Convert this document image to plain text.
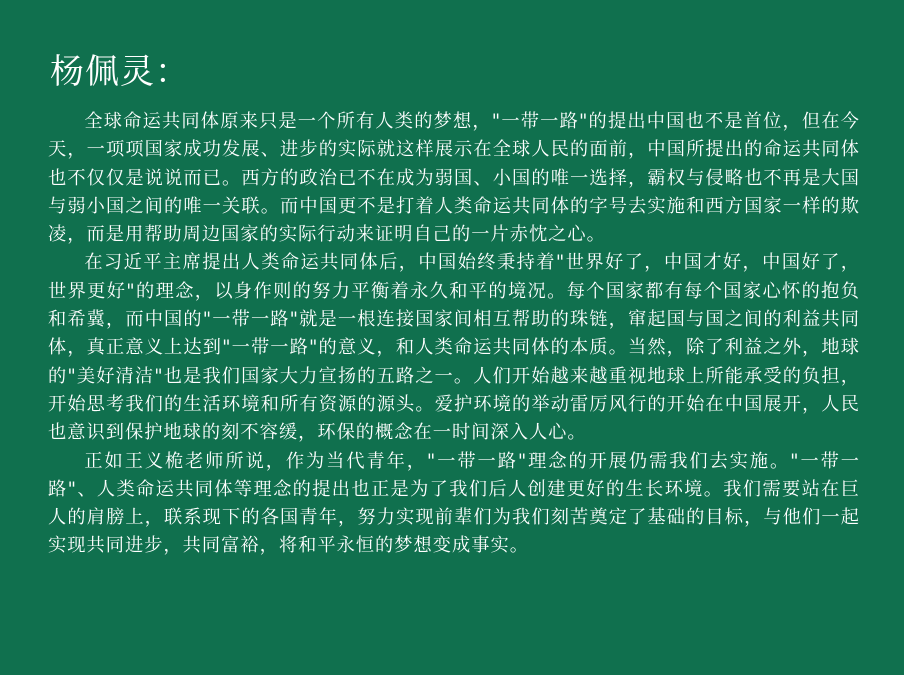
杨佩灵：

全球命运共同体原来只是一个所有人类的梦想，"一带一路"的提出中国也不是首位，但在今天，一项项国家成功发展、进步的实际就这样展示在全球人民的面前，中国所提出的命运共同体也不仅仅是说说而已。西方的政治已不在成为弱国、小国的唯一选择，霸权与侵略也不再是大国与弱小国之间的唯一关联。而中国更不是打着人类命运共同体的字号去实施和西方国家一样的欺凌，而是用帮助周边国家的实际行动来证明自己的一片赤忱之心。

在习近平主席提出人类命运共同体后，中国始终秉持着"世界好了，中国才好，中国好了，世界更好"的理念，以身作则的努力平衡着永久和平的境况。每个国家都有每个国家心怀的抱负和希冀，而中国的"一带一路"就是一根连接国家间相互帮助的珠链，窜起国与国之间的利益共同体，真正意义上达到"一带一路"的意义，和人类命运共同体的本质。当然，除了利益之外，地球的"美好清洁"也是我们国家大力宣扬的五路之一。人们开始越来越重视地球上所能承受的负担，开始思考我们的生活环境和所有资源的源头。爱护环境的举动雷厉风行的开始在中国展开，人民也意识到保护地球的刻不容缓，环保的概念在一时间深入人心。

正如王义桅老师所说，作为当代青年，"一带一路"理念的开展仍需我们去实施。"一带一路"、人类命运共同体等理念的提出也正是为了我们后人创建更好的生长环境。我们需要站在巨人的肩膀上，联系现下的各国青年，努力实现前辈们为我们刻苦奠定了基础的目标，与他们一起实现共同进步，共同富裕，将和平永恒的梦想变成事实。
